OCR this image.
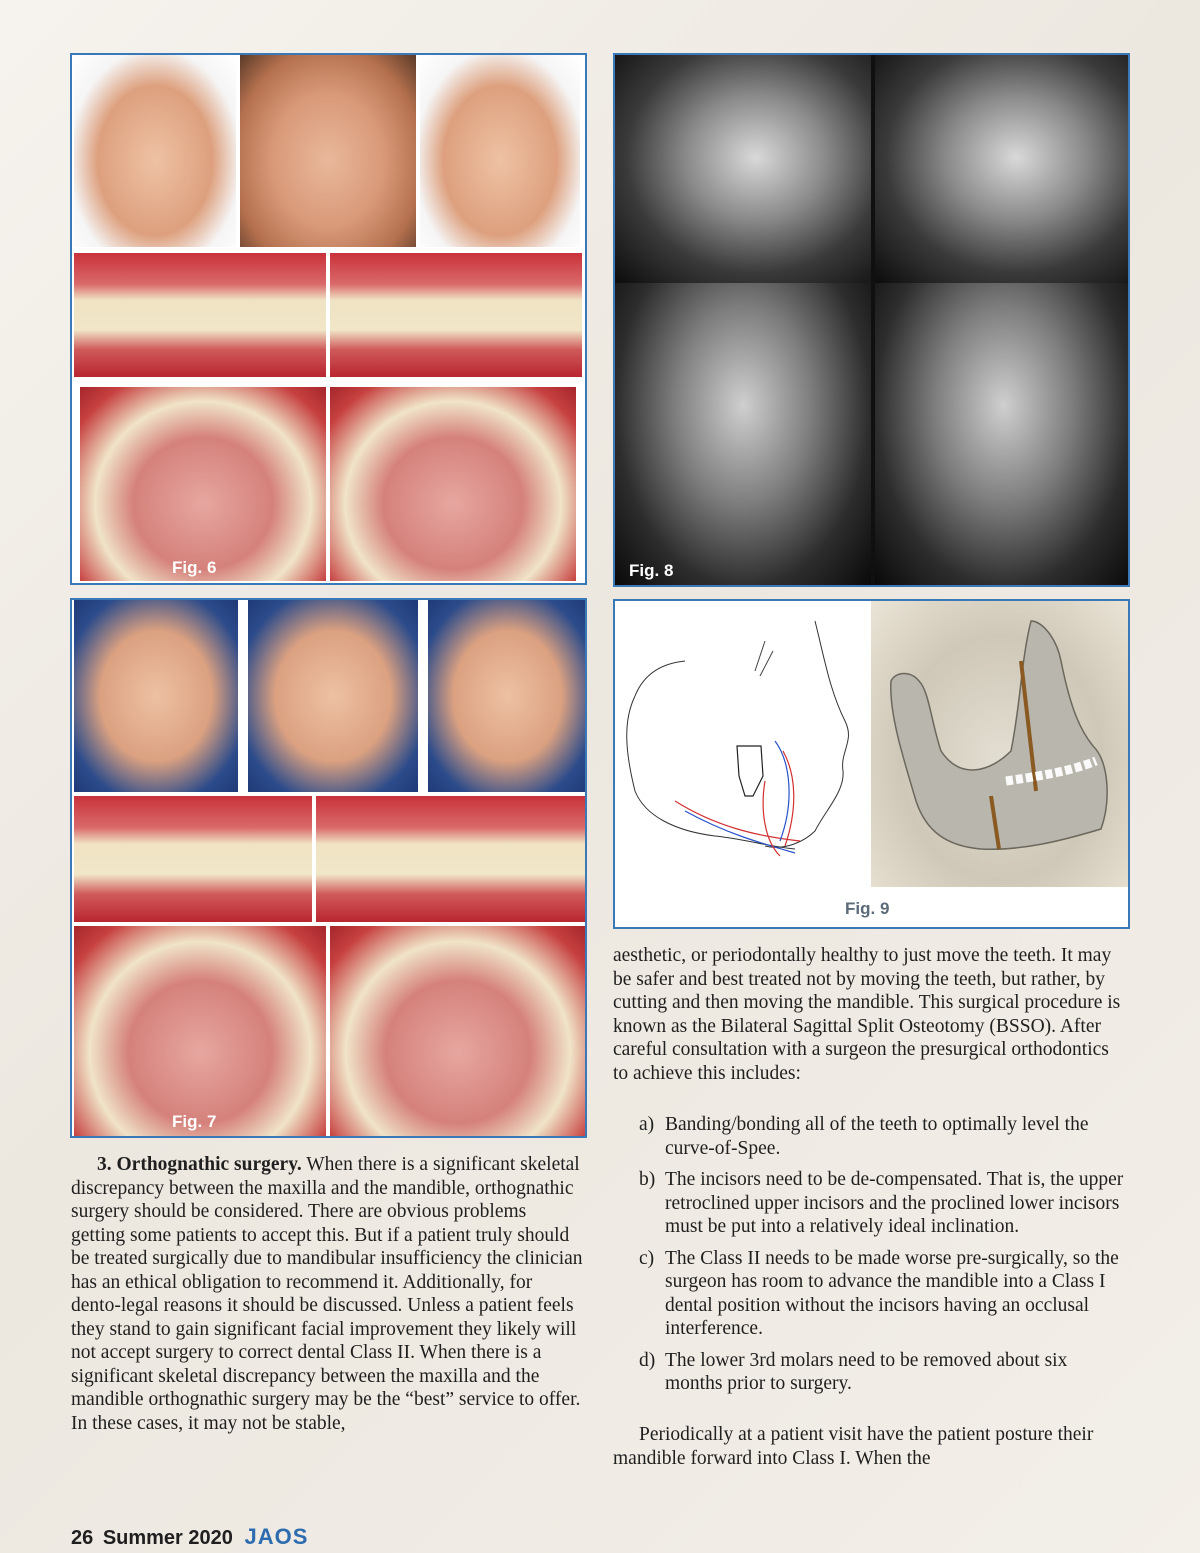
Fig. 6	Fig. 8
Fig. 7
Fig. 9

3. Orthognathic surgery. When there is a significant skeletal discrepancy between the maxilla and the mandible, orthognathic surgery should be considered. There are obvious problems getting some patients to accept this. But if a patient truly should be treated surgically due to mandibular insufficiency the clinician has an ethical obligation to recommend it. Additionally, for dento-legal reasons it should be discussed. Unless a patient feels they stand to gain significant facial improvement they likely will not accept surgery to correct dental Class II. When there is a significant skeletal discrepancy between the maxilla and the mandible orthognathic surgery may be the “best” service to offer. In these cases, it may not be stable,

aesthetic, or periodontally healthy to just move the teeth. It may be safer and best treated not by moving the teeth, but rather, by cutting and then moving the mandible. This surgical procedure is known as the Bilateral Sagittal Split Osteotomy (BSSO). After careful consultation with a surgeon the presurgical orthodontics to achieve this includes:

a) Banding/bonding all of the teeth to optimally level the curve-of-Spee.
b) The incisors need to be de-compensated. That is, the upper retroclined upper incisors and the proclined lower incisors must be put into a relatively ideal inclination.
c) The Class II needs to be made worse pre-surgically, so the surgeon has room to advance the mandible into a Class I dental position without the incisors having an occlusal interference.
d) The lower 3rd molars need to be removed about six months prior to surgery.

Periodically at a patient visit have the patient posture their mandible forward into Class I. When the

26 Summer 2020 JAOS
